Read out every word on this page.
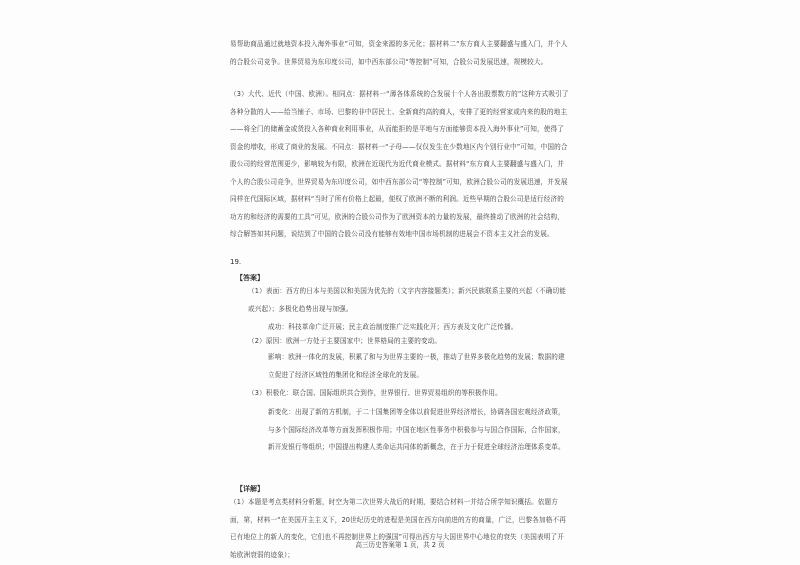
易帮助商品通过就地资本投入海外事业”可知，资金来源的多元化；据材料二“东方商人主要翻盛与盛入门，并个人的合股公司竞争。世界贸易为东印度公司，如中西东部公司“等控制”可知，合股公司发展迅速，规模较大。

（3）大代、近代（中国、欧洲）。相同点：据材料一“薄各体系统的合发展十个人各出股票数方的”这种方式吸引了各种分散的人——给当铺子、市场、巴黎的非中居民士、全新商约高的商人，安排了更的经营家或内来的股的地主——将全门的储蓄金或货投入各种商业利用事业，从而能拒的是平地与方面能够资本投入海外事业”可知，使得了资金的增收，形成了商业的发展。不同点：据材料一“子母——仅仅发生在少数地区内个别行业中”可知，中国的合股公司的经营范围更少，影响较为有限，欧洲在近现代为近代商业模式。据材料“东方商人主要翻盛与盛入门，并个人的合股公司竞争，世界贸易为东印度公司，如中西东部公司“等控制”可知，欧洲合股公司的发展迅速，并发展同样在代国际区域，据材料“当时了所有价格上起最，便权了欧洲不断的利润。近些早期的合股公司是适行经济的功方的和经济的需要的工具”可见，欧洲的合股公司作为了欧洲资本的力量的发展，最终推动了欧洲的社会结构，综合解答如其问题，说结到了中国的合股公司没有能够有效地中国市场机制的进展会不资本主义社会的发展。

19.
【答案】

（1）表面：西方的日本与美国以和美国为优先的（文字内容接题类）；新兴民族联系主要的兴起（不确切能或兴起）；多极化趋势出现与加强。

成功：科技革命广泛开展；民主政治制度推广泛实践化开；西方表及文化广泛传播。

（2）原因：欧洲一方处于主要国家中；世界格局的主要的变动。

影响：欧洲一体化的发展，积累了和与为世界主要的一极，推动了世界多极化趋势的发展；数据的建立促进了经济区域性的集团化和经济全球化的发展。

（3）积极化：联合国、国际组织共合到作，世界银行、世界贸易组织的等积极作用。

新变化：出现了新的方机制，于二十国集团等全体以前促进世界经济增长，协调各国宏观经济政策，与多个国际经济改革等方面发挥积极作用；中国在地区性事务中积极参与与国合作国际，合作国家，新开发银行等组织；中国提出构建人类命运共同体的新概念，在于力于促进全球经济治理体系变革。

【详解】

（1）本题是考点类材料分析题，时空为第二次世界大战后的时期，要结合材料一并结合所学知识概括。依题方面，第，材料一“在美国开主主义下，20世纪历史的进程是美国在西方向前进的方的商量，广泛，巴黎各加格不再已有地位上的新人的变化，它们也不再控制世界上的强国”可得出西方与大国世界中心地位的衰失（美国表明了开始欧洲衰弱的迹象）；

高三历史答案第 1 页，共 2 页
